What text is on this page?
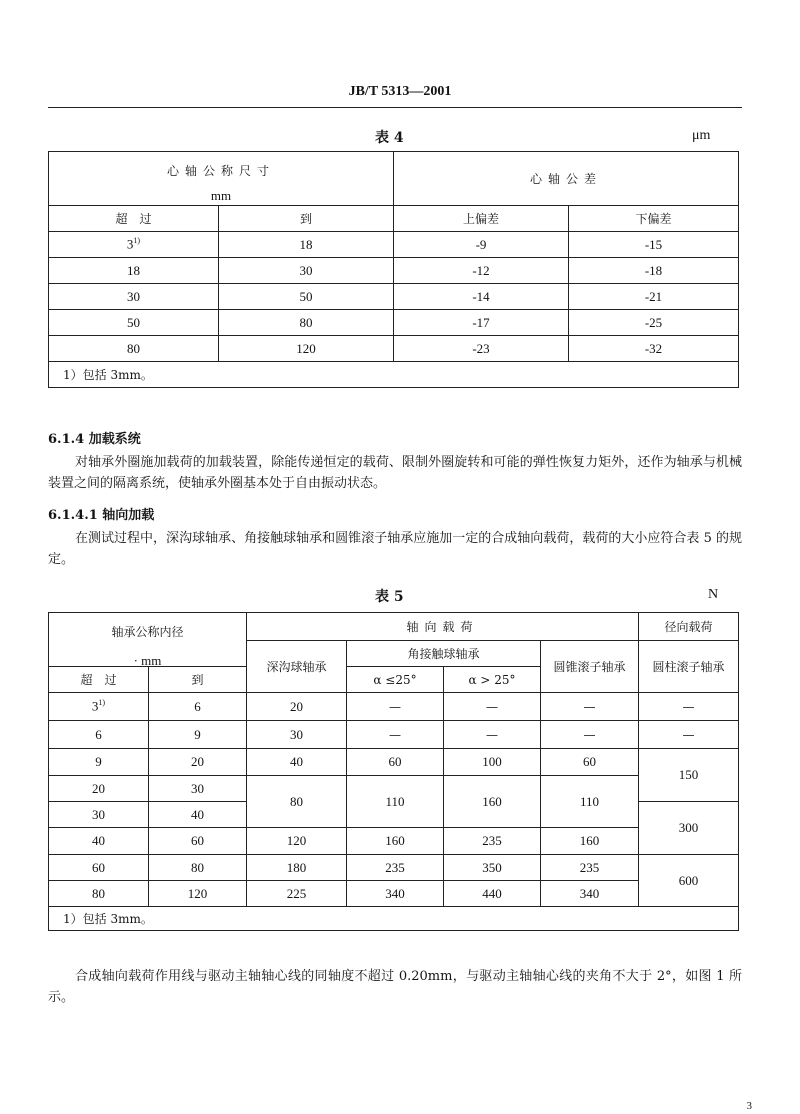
JB/T 5313—2001
表 4	μm
心轴公称尺寸
mm		心轴公差	
超　过	到	上偏差	下偏差
3$^{1)}$	18	-9	-15
18	30	-12	-18
30	50	-14	-21
50	80	-17	-25
80	120	-23	-32
1）包括 3mm。			
6.1.4 加载系统
对轴承外圈施加载荷的加载装置，除能传递恒定的载荷、限制外圈旋转和可能的弹性恢复力矩外，还作为轴承与机械装置之间的隔离系统，使轴承外圈基本处于自由振动状态。
6.1.4.1 轴向加载
在测试过程中，深沟球轴承、角接触球轴承和圆锥滚子轴承应施加一定的合成轴向载荷，载荷的大小应符合表 5 的规定。
表 5	N
轴承公称内径
· mm		轴向载荷				径向载荷
		深沟球轴承	角接触球轴承		圆锥滚子轴承	圆柱滚子轴承
超　过	到		α ≤25°	α > 25°		
3$^{1)}$	6	20	—	—	—	—
6	9	30	—	—	—	—
9	20	40	60	100	60	150
20	30	80	110	160	110	
30	40					300
40	60	120	160	235	160	
60	80	180	235	350	235	600
80	120	225	340	440	340	
1）包括 3mm。						
合成轴向载荷作用线与驱动主轴轴心线的同轴度不超过 0.20mm，与驱动主轴轴心线的夹角不大于 2°，如图 1 所示。
3
